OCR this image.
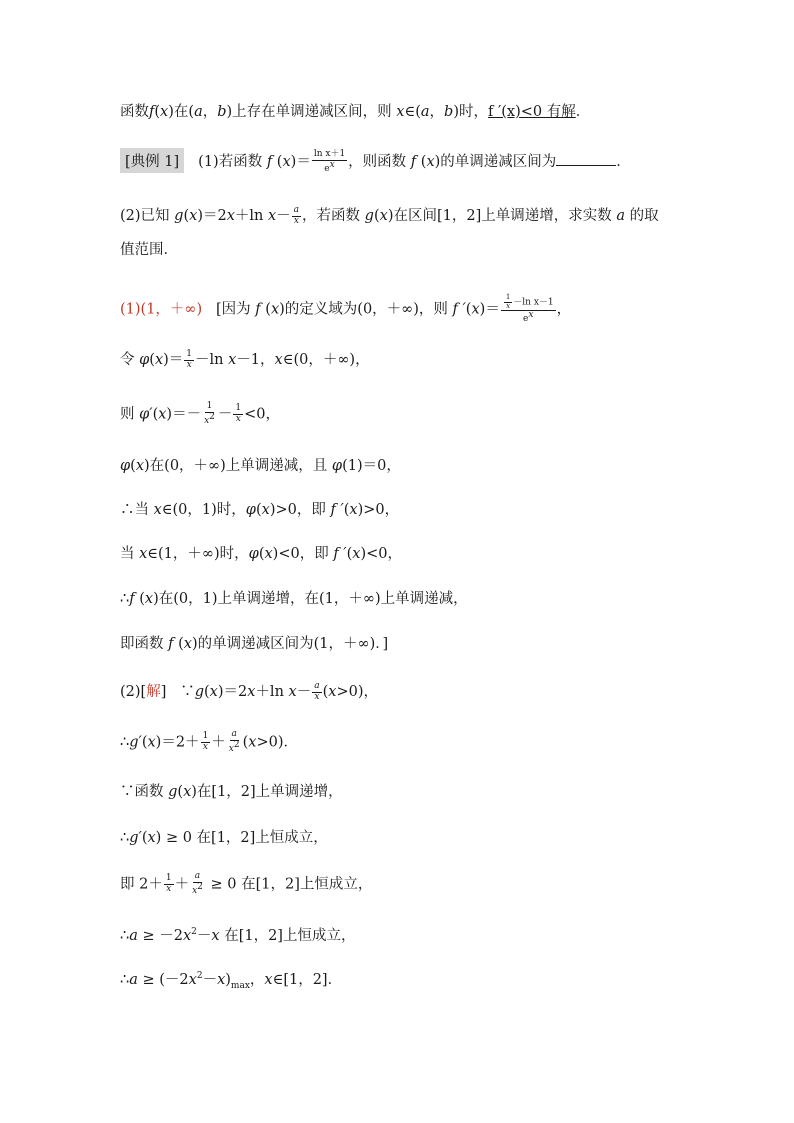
函数f(x)在(a，b)上存在单调递减区间，则 x∈(a，b)时，f ′(x)<0 有解．
[典例 1] (1)若函数 f $(x)= \frac{\text{ln x＋1}}{e^x}$ ，则函数 f (x)的单调递减区间为	．
(2)已知 g(x)＝2x＋ln $x- \frac{a}{x}$ ，若函数 g(x)在区间[1，2]上单调递增，求实数 a 的取
值范围．
(1)(1，＋∞) [因为 f (x)的定义域为(0，＋∞)，则 f $'(x)= \frac{\frac{1}{x} -\ln x-1}{e^x}$ ，
令 $\varphi(x)= \frac{1}{x} -\ln$ x－1，x∈(0，＋∞)，
则 $\varphi'(x)=- \frac{1}{x^2} - \frac{1}{x} <0$，
φ(x)在(0，＋∞)上单调递减，且 φ(1)＝0，
∴当 x∈(0，1)时，φ(x)>0，即 f ′(x)>0，
当 x∈(1，＋∞)时，φ(x)<0，即 f ′(x)<0，
∴f (x)在(0，1)上单调递增，在(1，＋∞)上单调递减，
即函数 f (x)的单调递减区间为(1，＋∞)．]
(2)[解] ∵g(x)＝2x＋ln $x- \frac{a}{x} (x>0)$，
∴g′(x)＝2＋ $\frac{1}{x} + \frac{a}{x^2} (x>0)$．
∵函数 g(x)在[1，2]上单调递增，
∴g′(x) ≥ 0 在[1，2]上恒成立，
即 $2+ \frac{1}{x} + \frac{a}{x^2} \ge 0$ 在[1，2]上恒成立，
∴a ≥ $-2x^2-x$ 在[1，2]上恒成立，
∴a ≥ $(-2x^2-x)_{max}$，x∈[1，2]．
